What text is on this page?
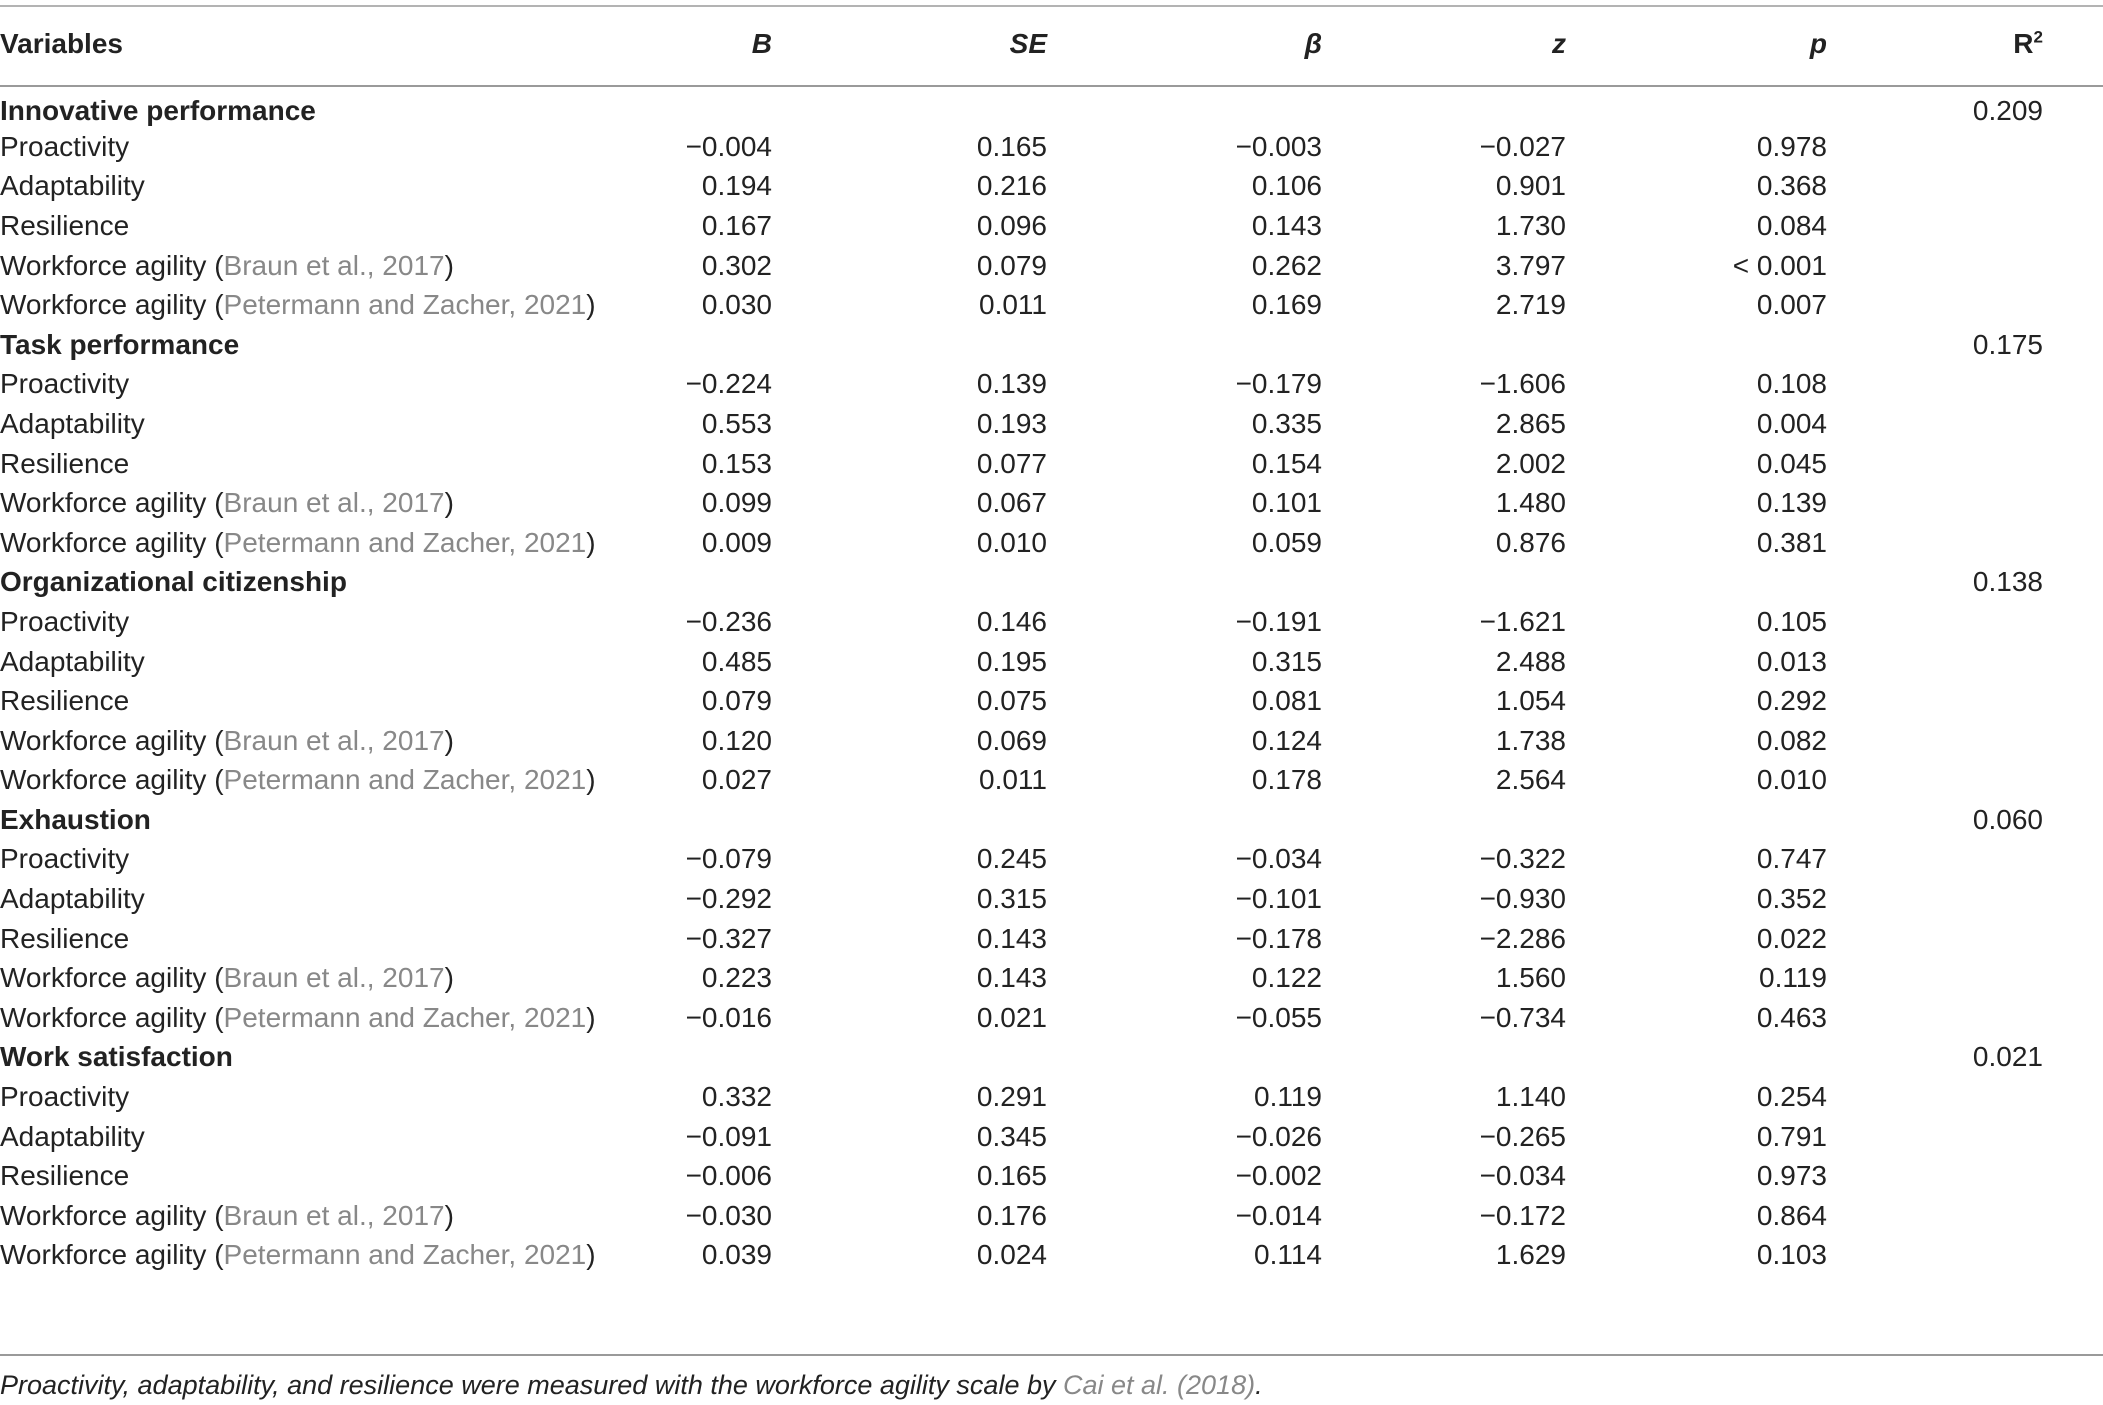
Variables	B	SE	β	z	p	$R^2$	
Innovative performance						0.209	
Proactivity	−0.004	0.165	−0.003	−0.027	0.978		
Adaptability	0.194	0.216	0.106	0.901	0.368		
Resilience	0.167	0.096	0.143	1.730	0.084		
Workforce agility (Braun et al., 2017)	0.302	0.079	0.262	3.797	< 0.001		
Workforce agility (Petermann and Zacher, 2021)	0.030	0.011	0.169	2.719	0.007		
Task performance						0.175	
Proactivity	−0.224	0.139	−0.179	−1.606	0.108		
Adaptability	0.553	0.193	0.335	2.865	0.004		
Resilience	0.153	0.077	0.154	2.002	0.045		
Workforce agility (Braun et al., 2017)	0.099	0.067	0.101	1.480	0.139		
Workforce agility (Petermann and Zacher, 2021)	0.009	0.010	0.059	0.876	0.381		
Organizational citizenship						0.138	
Proactivity	−0.236	0.146	−0.191	−1.621	0.105		
Adaptability	0.485	0.195	0.315	2.488	0.013		
Resilience	0.079	0.075	0.081	1.054	0.292		
Workforce agility (Braun et al., 2017)	0.120	0.069	0.124	1.738	0.082		
Workforce agility (Petermann and Zacher, 2021)	0.027	0.011	0.178	2.564	0.010		
Exhaustion						0.060	
Proactivity	−0.079	0.245	−0.034	−0.322	0.747		
Adaptability	−0.292	0.315	−0.101	−0.930	0.352		
Resilience	−0.327	0.143	−0.178	−2.286	0.022		
Workforce agility (Braun et al., 2017)	0.223	0.143	0.122	1.560	0.119		
Workforce agility (Petermann and Zacher, 2021)	−0.016	0.021	−0.055	−0.734	0.463		
Work satisfaction						0.021	
Proactivity	0.332	0.291	0.119	1.140	0.254		
Adaptability	−0.091	0.345	−0.026	−0.265	0.791		
Resilience	−0.006	0.165	−0.002	−0.034	0.973		
Workforce agility (Braun et al., 2017)	−0.030	0.176	−0.014	−0.172	0.864		
Workforce agility (Petermann and Zacher, 2021)	0.039	0.024	0.114	1.629	0.103		
Proactivity, adaptability, and resilience were measured with the workforce agility scale by Cai et al. (2018).
